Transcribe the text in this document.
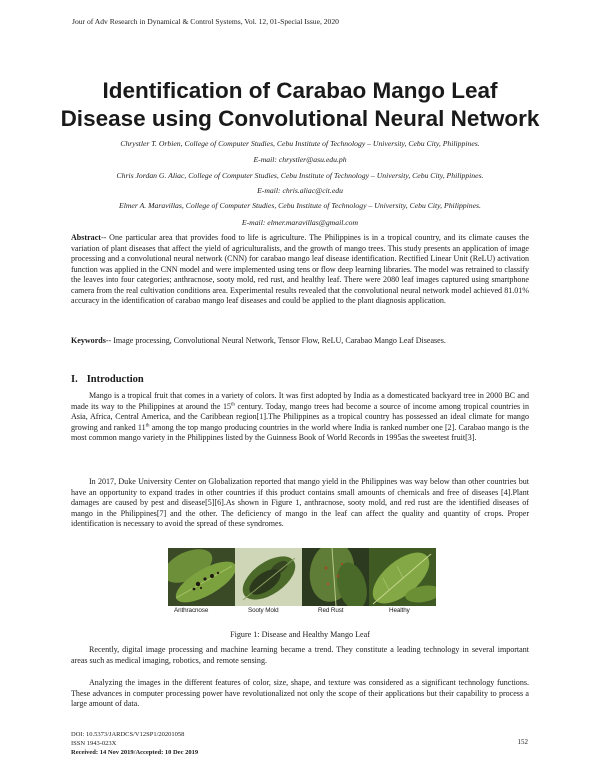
Jour of Adv Research in Dynamical & Control Systems, Vol. 12, 01-Special Issue, 2020
Identification of Carabao Mango Leaf
Disease using Convolutional Neural Network
Chrystler T. Orbien, College of Computer Studies, Cebu Institute of Technology – University, Cebu City, Philippines.
E-mail: chrystler@asu.edu.ph
Chris Jordan G. Aliac, College of Computer Studies, Cebu Institute of Technology – University, Cebu City, Philippines.
E-mail: chris.aliac@cit.edu
Elmer A. Maravillas, College of Computer Studies, Cebu Institute of Technology – University, Cebu City, Philippines.
E-mail: elmer.maravillas@gmail.com
Abstract-- One particular area that provides food to life is agriculture. The Philippines is in a tropical country, and its climate causes the variation of plant diseases that affect the yield of agriculturalists, and the growth of mango trees. This study presents an application of image processing and a convolutional neural network (CNN) for carabao mango leaf disease identification. Rectified Linear Unit (ReLU) activation function was applied in the CNN model and were implemented using tens or flow deep learning libraries. The model was retrained to classify the leaves into four categories; anthracnose, sooty mold, red rust, and healthy leaf. There were 2080 leaf images captured using smartphone camera from the real cultivation conditions area. Experimental results revealed that the convolutional neural network model achieved 81.01% accuracy in the identification of carabao mango leaf diseases and could be applied to the plant diagnosis application.
Keywords-- Image processing, Convolutional Neural Network, Tensor Flow, ReLU, Carabao Mango Leaf Diseases.
I. Introduction
Mango is a tropical fruit that comes in a variety of colors. It was first adopted by India as a domesticated backyard tree in 2000 BC and made its way to the Philippines at around the 15th century. Today, mango trees had become a source of income among tropical countries in Asia, Africa, Central America, and the Caribbean region[1].The Philippines as a tropical country has possessed an ideal climate for mango growing and ranked 11th among the top mango producing countries in the world where India is ranked number one [2]. Carabao mango is the most common mango variety in the Philippines listed by the Guinness Book of World Records in 1995as the sweetest fruit[3].
In 2017, Duke University Center on Globalization reported that mango yield in the Philippines was way below than other countries but have an opportunity to expand trades in other countries if this product contains small amounts of chemicals and free of diseases [4].Plant damages are caused by pest and disease[5][6].As shown in Figure 1, anthracnose, sooty mold, and red rust are the identified diseases of mango in the Philippines[7] and the other. The deficiency of mango in the leaf can affect the quality and quantity of crops. Proper identification is necessary to avoid the spread of these syndromes.
Anthracnose	Sooty Mold	Red Rust	Healthy
Figure 1: Disease and Healthy Mango Leaf
Recently, digital image processing and machine learning became a trend. They constitute a leading technology in several important areas such as medical imaging, robotics, and remote sensing.
Analyzing the images in the different features of color, size, shape, and texture was considered as a significant technology functions. These advances in computer processing power have revolutionalized not only the scope of their applications but their capability to process a large amount of data.
DOI: 10.5373/JARDCS/V12SP1/20201058
ISSN 1943-023X
Received: 14 Nov 2019/Accepted: 10 Dec 2019
152
